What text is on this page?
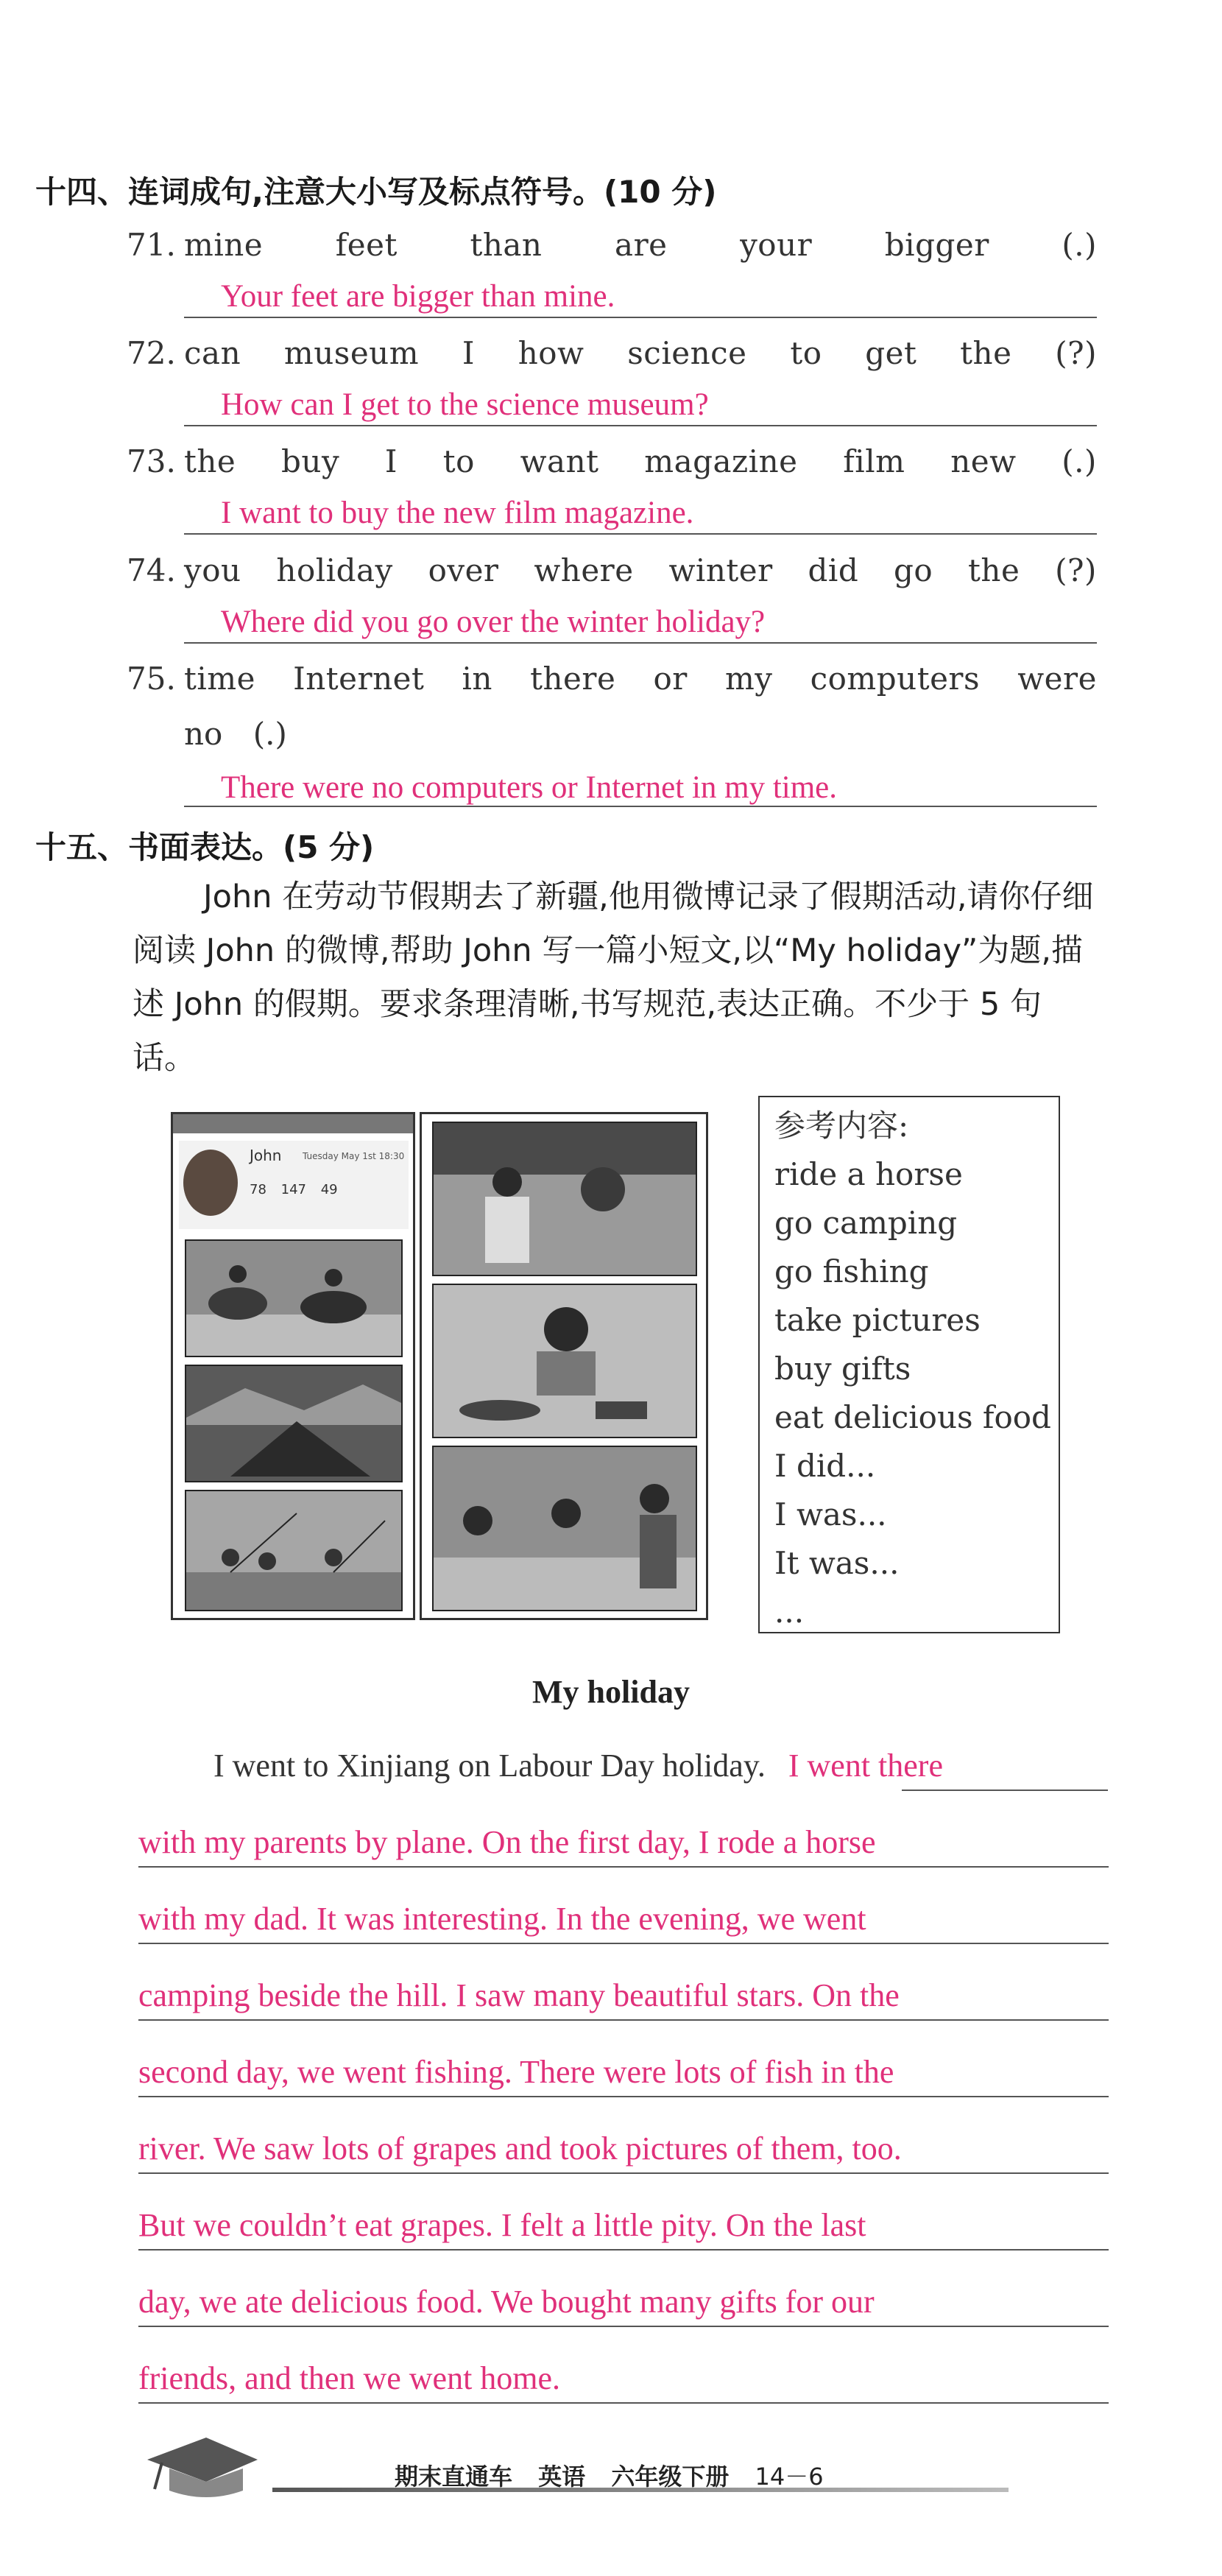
十四、连词成句,注意大小写及标点符号。(10 分)
71. mine feet than are your bigger (.)
Your feet are bigger than mine.
72. can museum I how science to get the (?)
How can I get to the science museum?
73. the buy I to want magazine film new (.)
I want to buy the new film magazine.
74. you holiday over where winter did go the (?)
Where did you go over the winter holiday?
75. time Internet in there or my computers were
no (.)
There were no computers or Internet in my time.
十五、书面表达。(5 分)
John 在劳动节假期去了新疆,他用微博记录了假期活动,请你仔细阅读 John 的微博,帮助 John 写一篇小短文,以“My holiday”为题,描述 John 的假期。要求条理清晰,书写规范,表达正确。不少于 5 句话。
John Tuesday May 1st 18:30
78 147 49
参考内容:
ride a horse
go camping
go fishing
take pictures
buy gifts
eat delicious food
I did...
I was...
It was...
...
My holiday
I went to Xinjiang on Labour Day holiday. I went there
with my parents by plane. On the first day, I rode a horse
with my dad. It was interesting. In the evening, we went
camping beside the hill. I saw many beautiful stars. On the
second day, we went fishing. There were lots of fish in the
river. We saw lots of grapes and took pictures of them, too.
But we couldn’t eat grapes. I felt a little pity. On the last
day, we ate delicious food. We bought many gifts for our
friends, and then we went home.
期末直通车 英语 六年级下册 14－6
